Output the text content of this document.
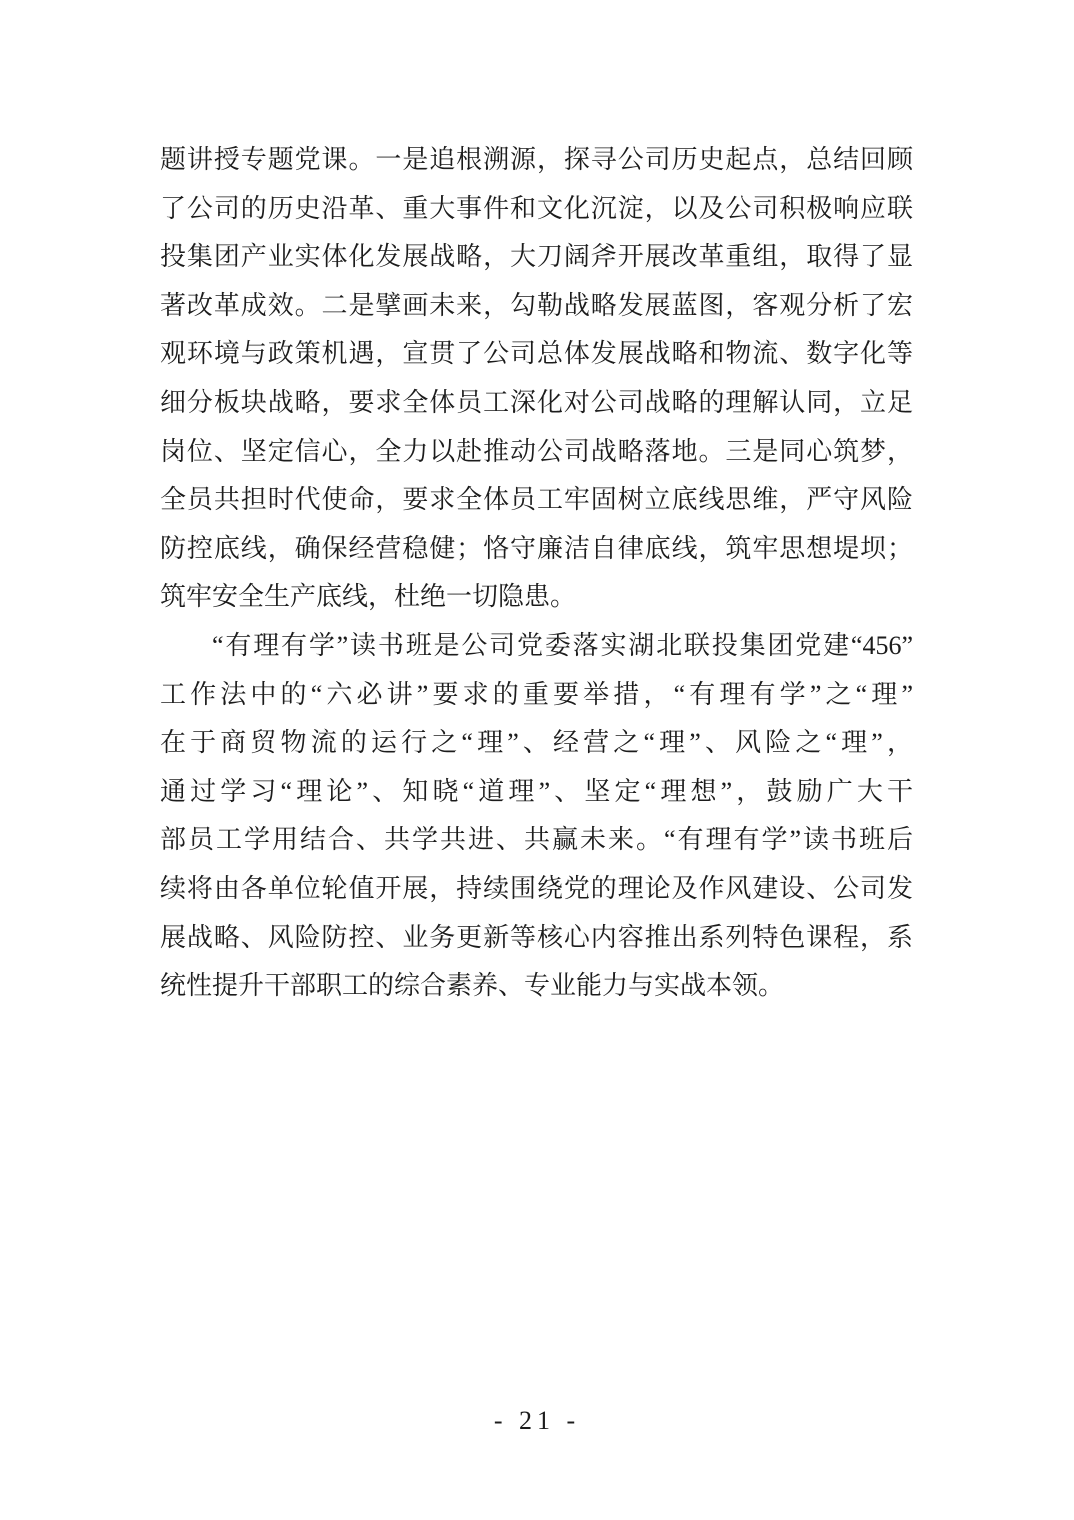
题讲授专题党课。一是追根溯源，探寻公司历史起点，总结回顾
了公司的历史沿革、重大事件和文化沉淀，以及公司积极响应联
投集团产业实体化发展战略，大刀阔斧开展改革重组，取得了显
著改革成效。二是擘画未来，勾勒战略发展蓝图，客观分析了宏
观环境与政策机遇，宣贯了公司总体发展战略和物流、数字化等
细分板块战略，要求全体员工深化对公司战略的理解认同，立足
岗位、坚定信心，全力以赴推动公司战略落地。三是同心筑梦，
全员共担时代使命，要求全体员工牢固树立底线思维，严守风险
防控底线，确保经营稳健；恪守廉洁自律底线，筑牢思想堤坝；
筑牢安全生产底线，杜绝一切隐患。
“有理有学”读书班是公司党委落实湖北联投集团党建“456”
工作法中的“六必讲”要求的重要举措，“有理有学”之“理”
在于商贸物流的运行之“理”、经营之“理”、风险之“理”，
通过学习“理论”、知晓“道理”、坚定“理想”，鼓励广大干
部员工学用结合、共学共进、共赢未来。“有理有学”读书班后
续将由各单位轮值开展，持续围绕党的理论及作风建设、公司发
展战略、风险防控、业务更新等核心内容推出系列特色课程，系
统性提升干部职工的综合素养、专业能力与实战本领。
- 21 -
